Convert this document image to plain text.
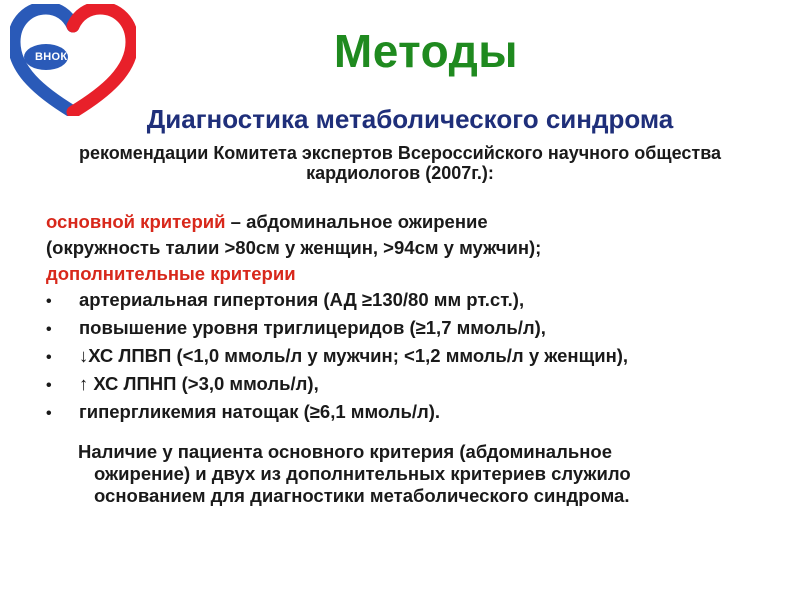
ВНОК	Методы
Диагностика метаболического синдрома
рекомендации Комитета экспертов Всероссийского научного общества кардиологов (2007г.):
основной критерий – абдоминальное ожирение
(окружность талии >80см у женщин, >94см у мужчин);
дополнительные критерии
•	артериальная гипертония (АД ≥130/80 мм рт.ст.),
•	повышение уровня триглицеридов (≥1,7 ммоль/л),
•	↓ХС ЛПВП (<1,0 ммоль/л у мужчин; <1,2 ммоль/л у женщин),
•	↑ ХС ЛПНП (>3,0 ммоль/л),
•	гипергликемия натощак (≥6,1 ммоль/л).
Наличие у пациента основного критерия (абдоминальное
ожирение) и двух из дополнительных критериев служило
основанием для диагностики метаболического синдрома.
